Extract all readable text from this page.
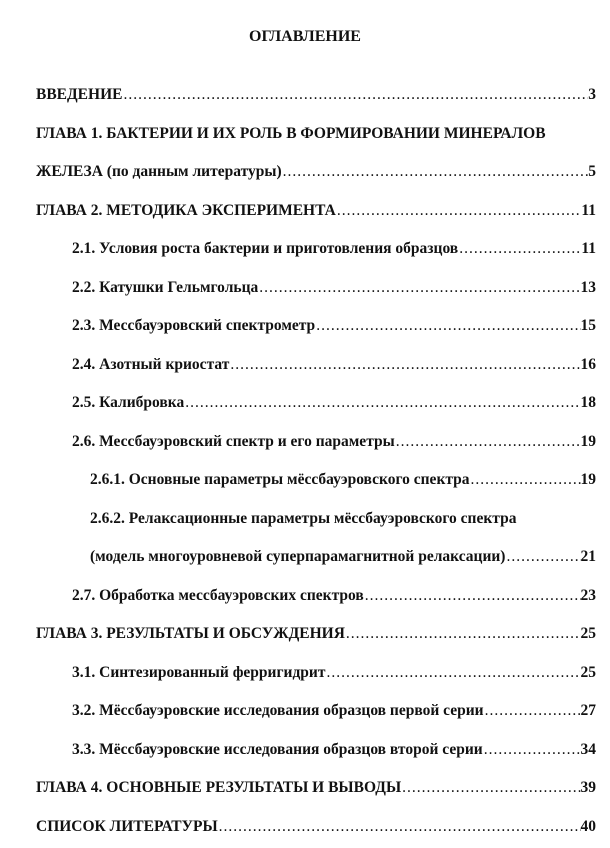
ОГЛАВЛЕНИЕ
ВВЕДЕНИЕ .....	3
ГЛАВА 1. БАКТЕРИИ И ИХ РОЛЬ В ФОРМИРОВАНИИ МИНЕРАЛОВ
ЖЕЛЕЗА (по данным литературы) .....	5
ГЛАВА 2. МЕТОДИКА ЭКСПЕРИМЕНТА .....	11
2.1. Условия роста бактерии и приготовления образцов .....	11
2.2. Катушки Гельмгольца .....	13
2.3. Мессбауэровский спектрометр .....	15
2.4. Азотный криостат .....	16
2.5. Калибровка .....	18
2.6. Мессбауэровский спектр и его параметры .....	19
2.6.1. Основные параметры мёссбауэровского спектра .....	19
2.6.2. Релаксационные параметры мёссбауэровского спектра
(модель многоуровневой суперпарамагнитной релаксации) .....	21
2.7. Обработка мессбауэровских спектров .....	23
ГЛАВА 3. РЕЗУЛЬТАТЫ И ОБСУЖДЕНИЯ .....	25
3.1. Синтезированный ферригидрит .....	25
3.2. Мёссбауэровские исследования образцов первой серии .....	27
3.3. Мёссбауэровские исследования образцов второй серии .....	34
ГЛАВА 4. ОСНОВНЫЕ РЕЗУЛЬТАТЫ И ВЫВОДЫ .....	39
СПИСОК ЛИТЕРАТУРЫ .....	40
